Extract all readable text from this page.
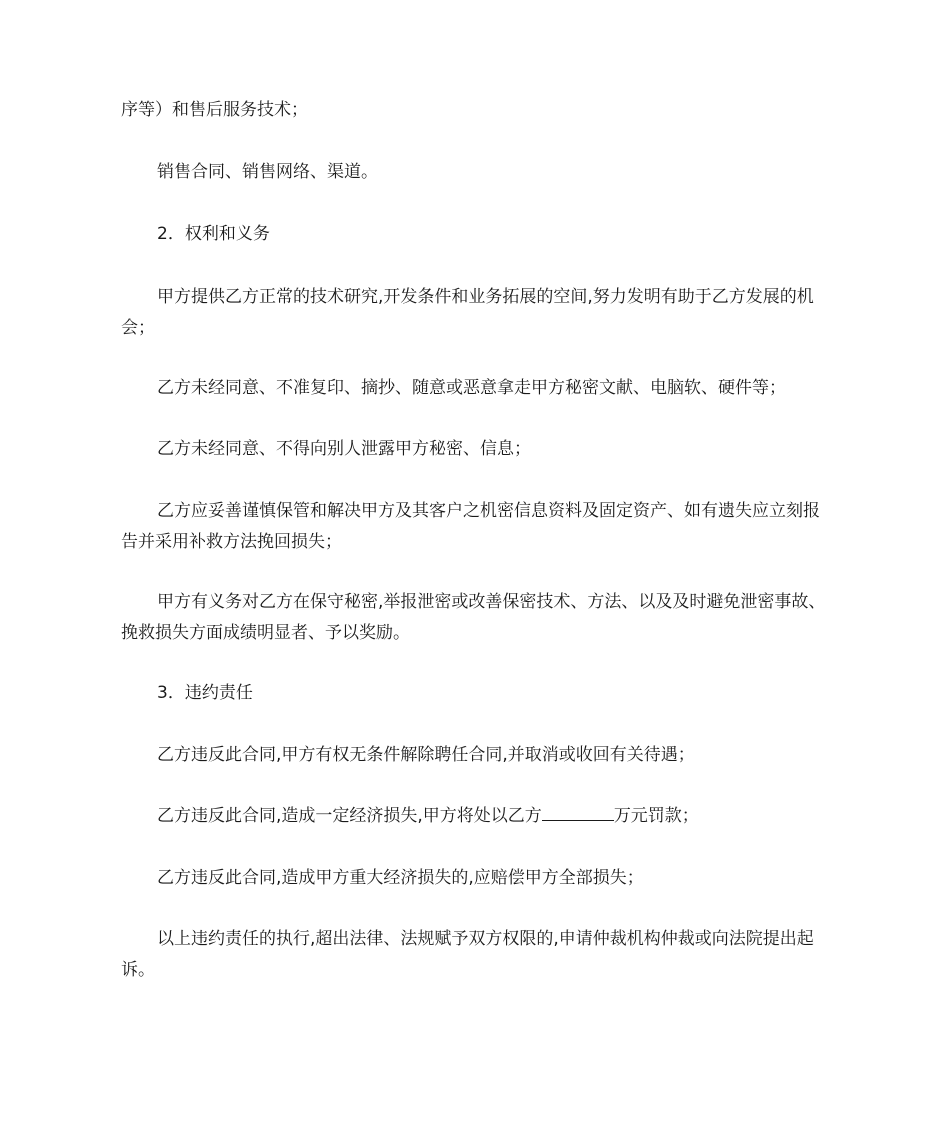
序等）和售后服务技术；

销售合同、销售网络、渠道。

2．权利和义务

甲方提供乙方正常的技术研究,开发条件和业务拓展的空间,努力发明有助于乙方发展的机会；

乙方未经同意、不准复印、摘抄、随意或恶意拿走甲方秘密文献、电脑软、硬件等；

乙方未经同意、不得向别人泄露甲方秘密、信息；

乙方应妥善谨慎保管和解决甲方及其客户之机密信息资料及固定资产、如有遗失应立刻报告并采用补救方法挽回损失；

甲方有义务对乙方在保守秘密,举报泄密或改善保密技术、方法、以及及时避免泄密事故、挽救损失方面成绩明显者、予以奖励。

3．违约责任

乙方违反此合同,甲方有权无条件解除聘任合同,并取消或收回有关待遇；

乙方违反此合同,造成一定经济损失,甲方将处以乙方	万元罚款；

乙方违反此合同,造成甲方重大经济损失的,应赔偿甲方全部损失；

以上违约责任的执行,超出法律、法规赋予双方权限的,申请仲裁机构仲裁或向法院提出起诉。
